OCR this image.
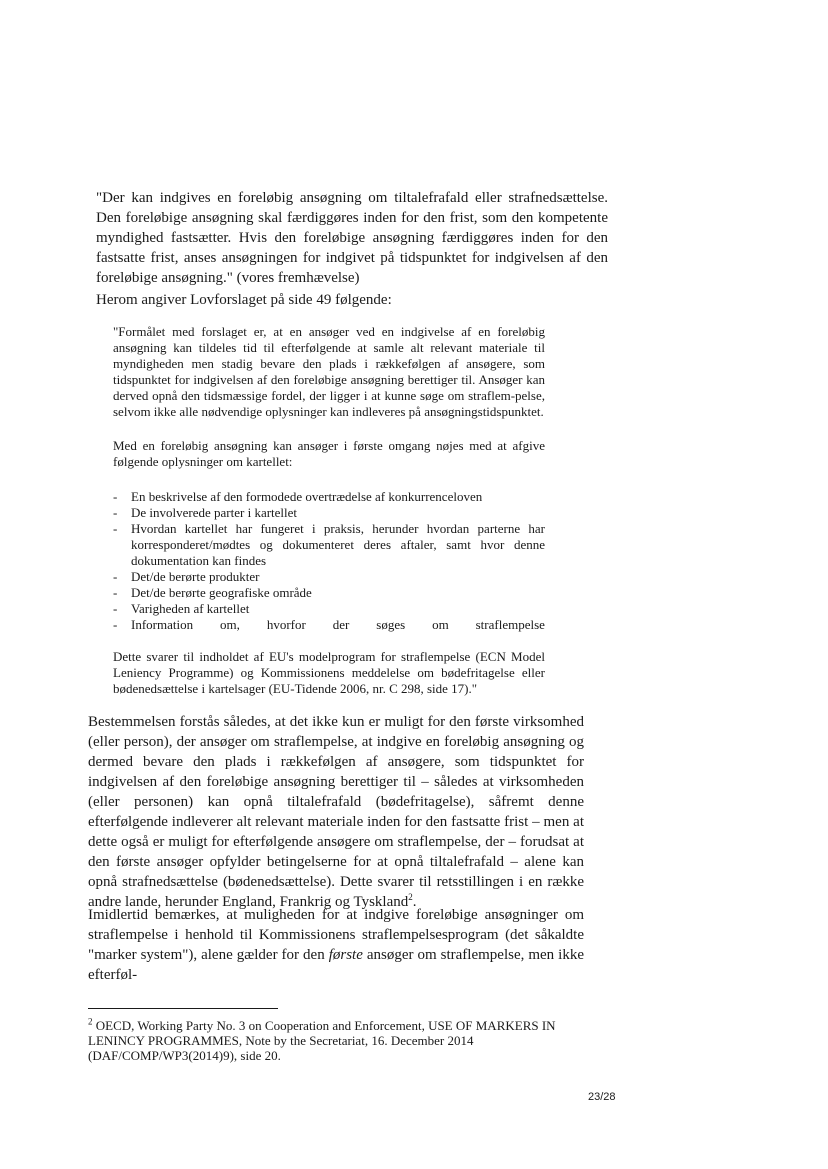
"Der kan indgives en foreløbig ansøgning om tiltalefrafald eller strafnedsættelse. Den foreløbige ansøgning skal færdiggøres inden for den frist, som den kompetente myndighed fastsætter. Hvis den foreløbige ansøgning færdiggøres inden for den fastsatte frist, anses ansøgningen for indgivet på tidspunktet for indgivelsen af den foreløbige ansøgning." (vores fremhævelse)

Herom angiver Lovforslaget på side 49 følgende:

"Formålet med forslaget er, at en ansøger ved en indgivelse af en foreløbig ansøgning kan tildeles tid til efterfølgende at samle alt relevant materiale til myndigheden men stadig bevare den plads i rækkefølgen af ansøgere, som tidspunktet for indgivelsen af den foreløbige ansøgning berettiger til. Ansøger kan derved opnå den tidsmæssige fordel, der ligger i at kunne søge om straflem-pelse, selvom ikke alle nødvendige oplysninger kan indleveres på ansøgningstidspunktet.

Med en foreløbig ansøgning kan ansøger i første omgang nøjes med at afgive følgende oplysninger om kartellet:

- En beskrivelse af den formodede overtrædelse af konkurrenceloven
- De involverede parter i kartellet
- Hvordan kartellet har fungeret i praksis, herunder hvordan parterne har korresponderet/mødtes og dokumenteret deres aftaler, samt hvor denne dokumentation kan findes
- Det/de berørte produkter
- Det/de berørte geografiske område
- Varigheden af kartellet
- Information om, hvorfor der søges om straflempelse

Dette svarer til indholdet af EU's modelprogram for straflempelse (ECN Model Leniency Programme) og Kommissionens meddelelse om bødefritagelse eller bødenedsættelse i kartelsager (EU-Tidende 2006, nr. C 298, side 17)."

Bestemmelsen forstås således, at det ikke kun er muligt for den første virksomhed (eller person), der ansøger om straflempelse, at indgive en foreløbig ansøgning og dermed bevare den plads i rækkefølgen af ansøgere, som tidspunktet for indgivelsen af den foreløbige ansøgning berettiger til – således at virksomheden (eller personen) kan opnå tiltalefrafald (bødefritagelse), såfremt denne efterfølgende indleverer alt relevant materiale inden for den fastsatte frist – men at dette også er muligt for efterfølgende ansøgere om straflempelse, der – forudsat at den første ansøger opfylder betingelserne for at opnå tiltalefrafald – alene kan opnå strafnedsættelse (bødenedsættelse). Dette svarer til retsstillingen i en række andre lande, herunder England, Frankrig og Tyskland$^2$.

Imidlertid bemærkes, at muligheden for at indgive foreløbige ansøgninger om straflempelse i henhold til Kommissionens straflempelsesprogram (det såkaldte "marker system"), alene gælder for den første ansøger om straflempelse, men ikke efterføl-

$^2$ OECD, Working Party No. 3 on Cooperation and Enforcement, USE OF MARKERS IN LENINCY PROGRAMMES, Note by the Secretariat, 16. December 2014 (DAF/COMP/WP3(2014)9), side 20.

23/28
